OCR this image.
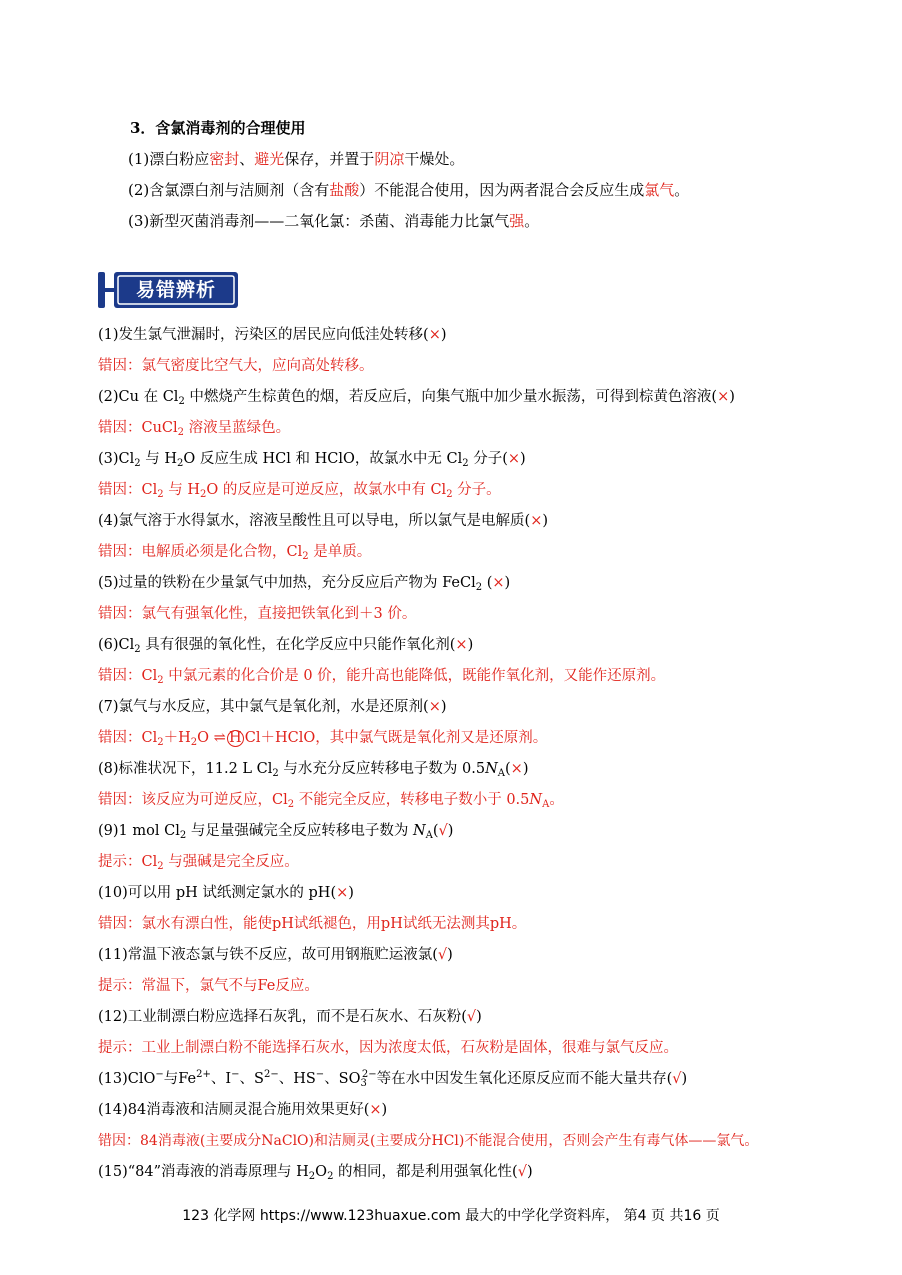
3．含氯消毒剂的合理使用
(1)漂白粉应密封、避光保存，并置于阴凉干燥处。
(2)含氯漂白剂与洁厕剂（含有盐酸）不能混合使用，因为两者混合会反应生成氯气。
(3)新型灭菌消毒剂——二氧化氯：杀菌、消毒能力比氯气强。
易错辨析
(1)发生氯气泄漏时，污染区的居民应向低洼处转移(×)
错因：氯气密度比空气大，应向高处转移。
(2)Cu 在 $Cl_2$ 中燃烧产生棕黄色的烟，若反应后，向集气瓶中加少量水振荡，可得到棕黄色溶液(×)
错因：CuCl$_2$ 溶液呈蓝绿色。
$(3)Cl_2$ 与 $H_2O$ 反应生成 HCl 和 HClO，故氯水中无 $Cl_2$ 分子(×)
错因：$Cl_2$ 与 $H_2O$ 的反应是可逆反应，故氯水中有 $Cl_2$ 分子。
(4)氯气溶于水得氯水，溶液呈酸性且可以导电，所以氯气是电解质(×)
错因：电解质必须是化合物，$Cl_2$ 是单质。
(5)过量的铁粉在少量氯气中加热，充分反应后产物为 FeCl$_2$ (×)
错因：氯气有强氧化性，直接把铁氧化到＋3 价。
$(6)Cl_2$ 具有很强的氧化性，在化学反应中只能作氧化剂(×)
错因：$Cl_2$ 中氯元素的化合价是 0 价，能升高也能降低，既能作氧化剂，又能作还原剂。
(7)氯气与水反应，其中氯气是氧化剂，水是还原剂(×)
错因：$Cl_2+H_2O$ ⇌ H Cl＋HClO，其中氯气既是氧化剂又是还原剂。
(8)标准状况下，11.2 L $Cl_2$ 与水充分反应转移电子数为 $0.5N_A(\times)$
错因：该反应为可逆反应，$Cl_2$ 不能完全反应，转移电子数小于 $0.5N_A$。
(9)1 mol $Cl_2$ 与足量强碱完全反应转移电子数为 $N_A(√)$
提示：$Cl_2$ 与强碱是完全反应。
(10)可以用 pH 试纸测定氯水的 pH(×)
错因：氯水有漂白性，能使pH试纸褪色，用pH试纸无法测其pH。
(11)常温下液态氯与铁不反应，故可用钢瓶贮运液氯(√)
提示：常温下，氯气不与Fe反应。
(12)工业制漂白粉应选择石灰乳，而不是石灰水、石灰粉(√)
提示：工业上制漂白粉不能选择石灰水，因为浓度太低，石灰粉是固体，很难与氯气反应。
(13)ClO−与$Fe^{2+}$、I−、$S^{2-}$、HS−、$SO_3^{2-}$等在水中因发生氧化还原反应而不能大量共存(√)
(14)84消毒液和洁厕灵混合施用效果更好(×)
错因：84消毒液(主要成分NaClO)和洁厕灵(主要成分HCl)不能混合使用，否则会产生有毒气体——氯气。
(15)“84”消毒液的消毒原理与 $H_2O_2$ 的相同，都是利用强氧化性(√)
123 化学网 https://www.123huaxue.com 最大的中学化学资料库， 第4 页 共16 页
